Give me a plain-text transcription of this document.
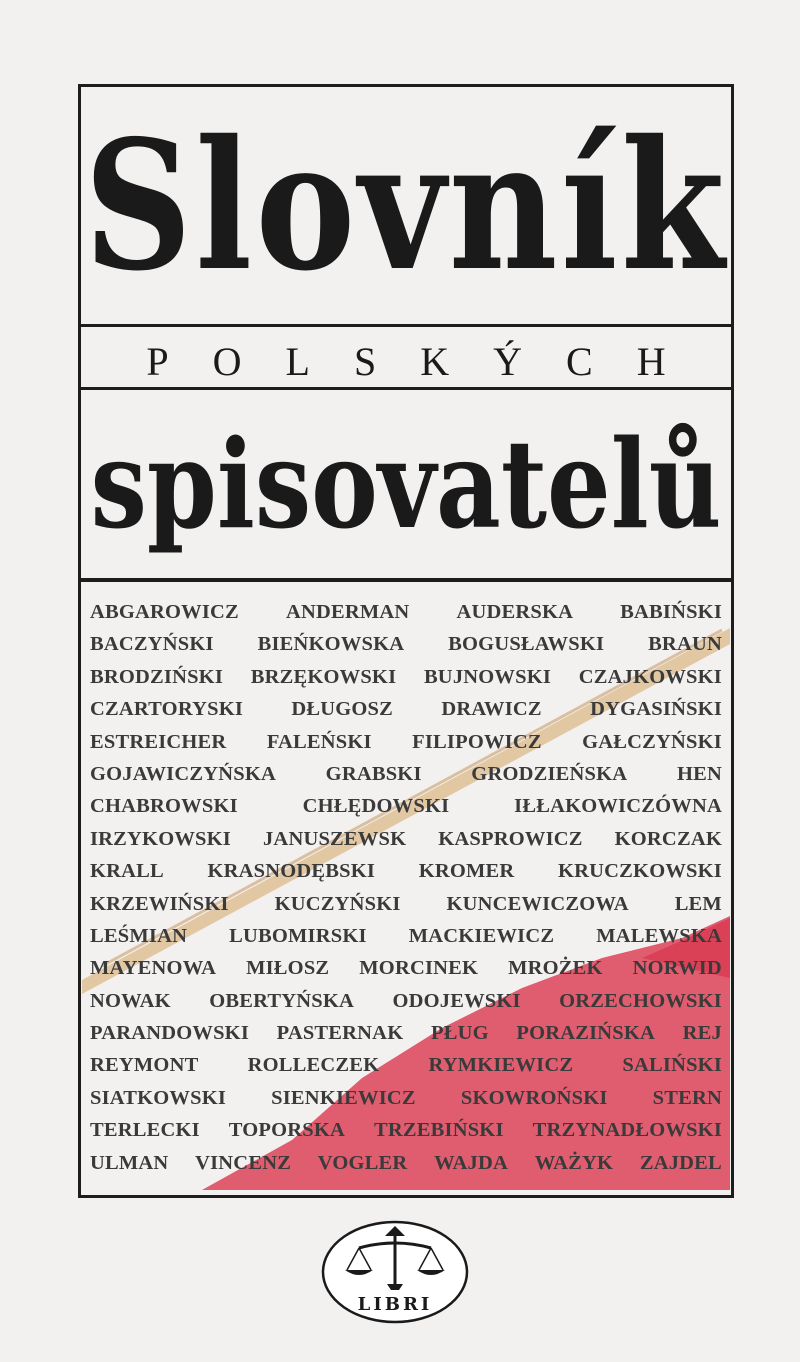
Slovník
POLSKÝCH
spisovatelů
ABGAROWICZ ANDERMAN AUDERSKA BABIŃSKI
BACZYŃSKI BIEŃKOWSKA BOGUSŁAWSKI BRAUN
BRODZIŃSKI BRZĘKOWSKI BUJNOWSKI CZAJKOWSKI
CZARTORYSKI DŁUGOSZ DRAWICZ DYGASIŃSKI
ESTREICHER FALEŃSKI FILIPOWICZ GAŁCZYŃSKI
GOJAWICZYŃSKA GRABSKI GRODZIEŃSKA HEN
CHABROWSKI	CHŁĘDOWSKI	IŁŁAKOWICZÓWNA
IRZYKOWSKI JANUSZEWSK KASPROWICZ KORCZAK
KRALL KRASNODĘBSKI KROMER KRUCZKOWSKI
KRZEWIŃSKI KUCZYŃSKI KUNCEWICZOWA LEM
LEŚMIAN LUBOMIRSKI MACKIEWICZ MALEWSKA
MAYENOWA MIŁOSZ MORCINEK MROŻEK NORWID
NOWAK OBERTYŃSKA ODOJEWSKI ORZECHOWSKI
PARANDOWSKI PASTERNAK PŁUG PORAZIŃSKA REJ
REYMONT ROLLECZEK RYMKIEWICZ SALIŃSKI
SIATKOWSKI SIENKIEWICZ SKOWROŃSKI STERN
TERLECKI TOPORSKA TRZEBIŃSKI TRZYNADŁOWSKI
ULMAN VINCENZ VOGLER WAJDA WAŻYK ZAJDEL
LIBRI
